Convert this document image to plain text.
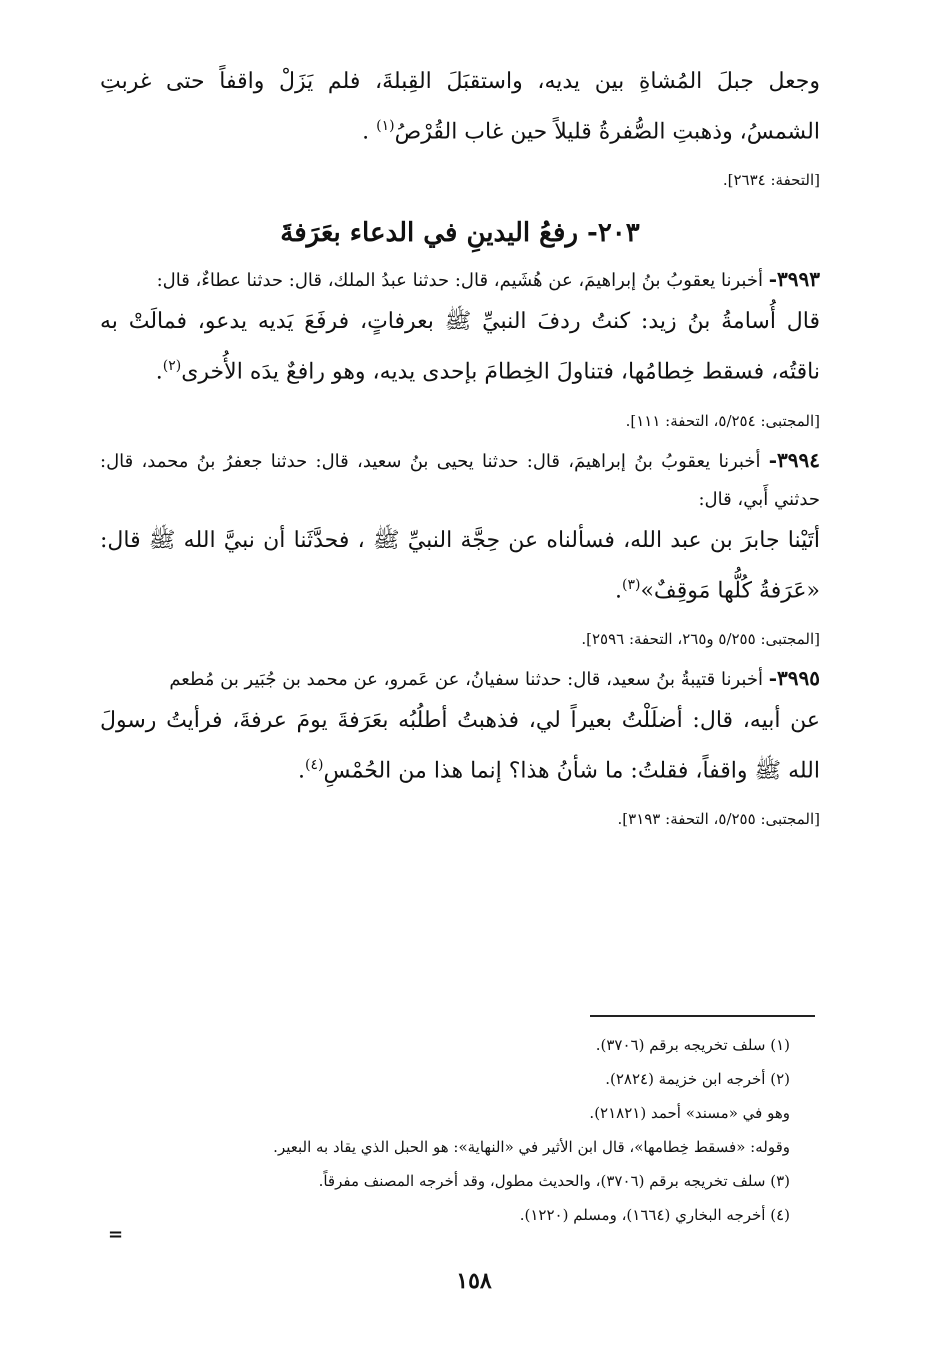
وجعل جبلَ المُشاةِ بين يديه، واستقبَلَ القِبلةَ، فلم يَزَلْ واقفاً حتى غربتِ الشمسُ، وذهبتِ الصُّفرةُ قليلاً حين غاب القُرْصُ$^{(١)}$ .

[التحفة: ٢٦٣٤].

٢٠٣- رفعُ اليدينِ في الدعاء بعَرَفةَ

٣٩٩٣- أخبرنا يعقوبُ بنُ إبراهيمَ، عن هُشَيم، قال: حدثنا عبدُ الملك، قال: حدثنا عطاءٌ، قال:

قال أُسامةُ بنُ زيد: كنتُ ردفَ النبيِّ ﷺ بعرفاتٍ، فرفَعَ يَديه يدعو، فمالَتْ به ناقتُه، فسقط خِطامُها، فتناولَ الخِطامَ بإحدى يديه، وهو رافعٌ يدَه الأُخرى$^{(٢)}$.

[المجتبى: ٥/٢٥٤، التحفة: ١١١].

٣٩٩٤- أخبرنا يعقوبُ بنُ إبراهيمَ، قال: حدثنا يحيى بنُ سعيد، قال: حدثنا جعفرُ بنُ محمد، قال: حدثني أَبي، قال:

أتَيْنا جابرَ بن عبد الله، فسألناه عن حِجَّة النبيِّ ﷺ ، فحدَّثَنا أن نبيَّ الله ﷺ قال: «عَرَفةُ كُلُّها مَوقِفٌ»$^{(٣)}$.

[المجتبى: ٥/٢٥٥ و٢٦٥، التحفة: ٢٥٩٦].

٣٩٩٥- أخبرنا قتيبةُ بنُ سعيد، قال: حدثنا سفيانُ، عن عَمرو، عن محمد بن جُبَير بن مُطعم

عن أبيه، قال: أضلَلْتُ بعيراً لي، فذهبتُ أطلُبُه بعَرَفةَ يومَ عرفةَ، فرأيتُ رسولَ الله ﷺ واقفاً، فقلتُ: ما شأنُ هذا؟ إنما هذا من الحُمْسِ$^{(٤)}$.

[المجتبى: ٥/٢٥٥، التحفة: ٣١٩٣].

(١) سلف تخريجه برقم (٣٧٠٦).

(٢) أخرجه ابن خزيمة (٢٨٢٤).

وهو في «مسند» أحمد (٢١٨٢١).

وقوله: «فسقط خِطامها»، قال ابن الأثير في «النهاية»: هو الحبل الذي يقاد به البعير.

(٣) سلف تخريجه برقم (٣٧٠٦)، والحديث مطول، وقد أخرجه المصنف مفرقاً.

(٤) أخرجه البخاري (١٦٦٤)، ومسلم (١٢٢٠).

=
١٥٨
